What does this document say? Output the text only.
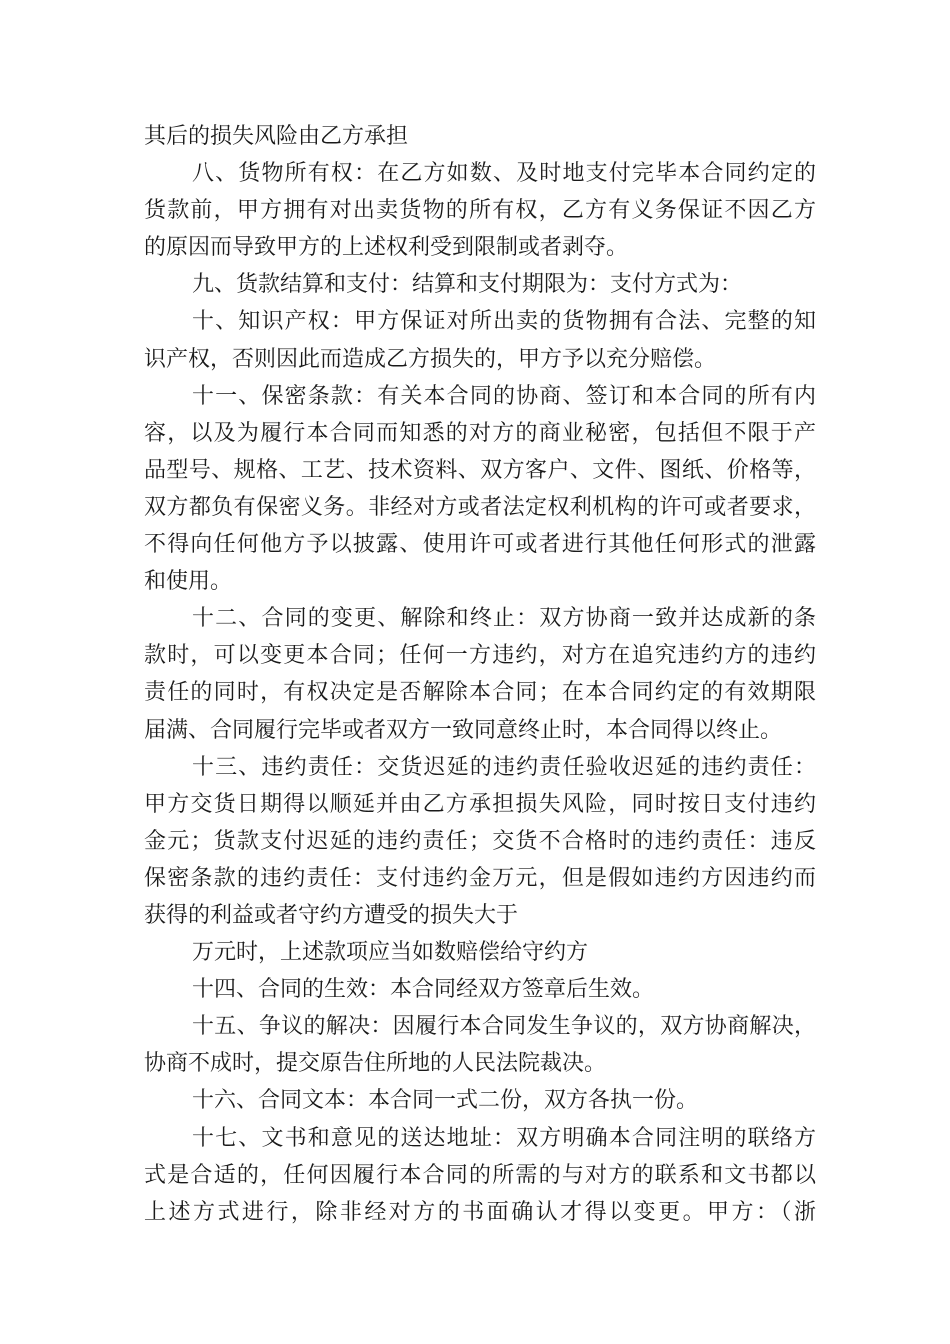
其后的损失风险由乙方承担
八、货物所有权：在乙方如数、及时地支付完毕本合同约定的
货款前，甲方拥有对出卖货物的所有权，乙方有义务保证不因乙方
的原因而导致甲方的上述权利受到限制或者剥夺。
九、货款结算和支付：结算和支付期限为：支付方式为：
十、知识产权：甲方保证对所出卖的货物拥有合法、完整的知
识产权，否则因此而造成乙方损失的，甲方予以充分赔偿。
十一、保密条款：有关本合同的协商、签订和本合同的所有内
容，以及为履行本合同而知悉的对方的商业秘密，包括但不限于产
品型号、规格、工艺、技术资料、双方客户、文件、图纸、价格等，
双方都负有保密义务。非经对方或者法定权利机构的许可或者要求，
不得向任何他方予以披露、使用许可或者进行其他任何形式的泄露
和使用。
十二、合同的变更、解除和终止：双方协商一致并达成新的条
款时，可以变更本合同；任何一方违约，对方在追究违约方的违约
责任的同时，有权决定是否解除本合同；在本合同约定的有效期限
届满、合同履行完毕或者双方一致同意终止时，本合同得以终止。
十三、违约责任：交货迟延的违约责任验收迟延的违约责任：
甲方交货日期得以顺延并由乙方承担损失风险，同时按日支付违约
金元；货款支付迟延的违约责任；交货不合格时的违约责任：违反
保密条款的违约责任：支付违约金万元，但是假如违约方因违约而
获得的利益或者守约方遭受的损失大于
万元时，上述款项应当如数赔偿给守约方
十四、合同的生效：本合同经双方签章后生效。
十五、争议的解决：因履行本合同发生争议的，双方协商解决，
协商不成时，提交原告住所地的人民法院裁决。
十六、合同文本：本合同一式二份，双方各执一份。
十七、文书和意见的送达地址：双方明确本合同注明的联络方
式是合适的，任何因履行本合同的所需的与对方的联系和文书都以
上述方式进行，除非经对方的书面确认才得以变更。甲方：（浙
